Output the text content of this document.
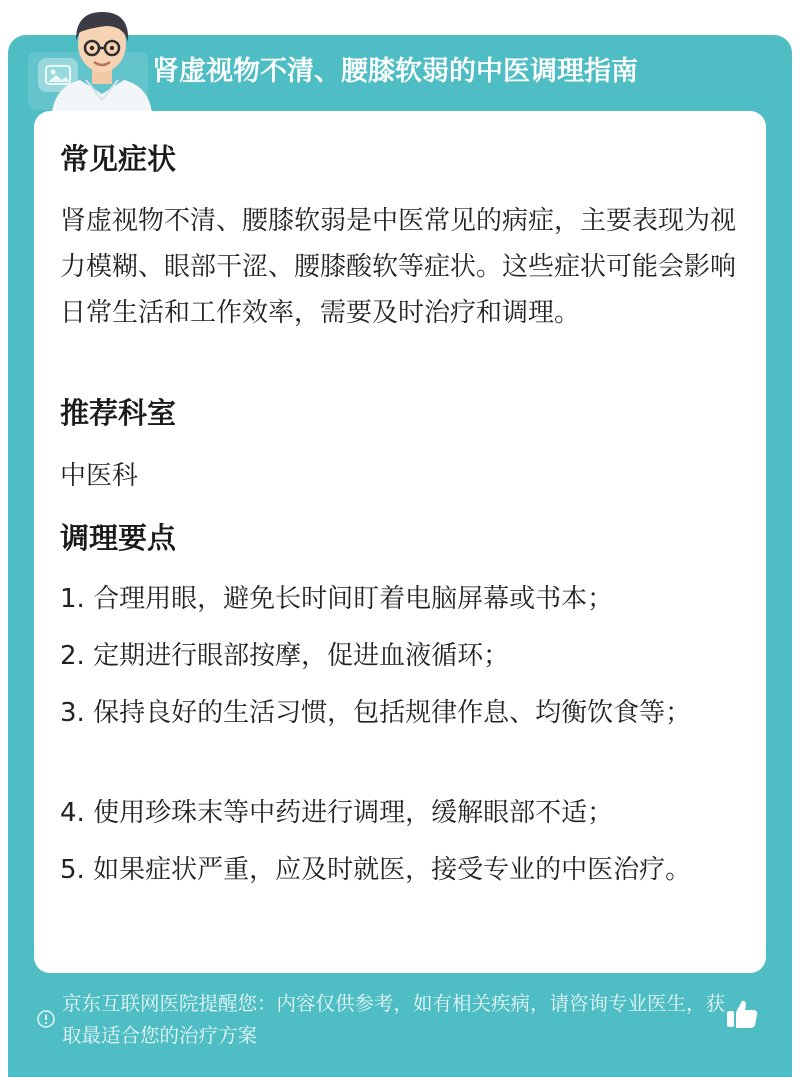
肾虚视物不清、腰膝软弱的中医调理指南
常见症状
肾虚视物不清、腰膝软弱是中医常见的病症，主要表现为视力模糊、眼部干涩、腰膝酸软等症状。这些症状可能会影响日常生活和工作效率，需要及时治疗和调理。
推荐科室
中医科
调理要点
1. 合理用眼，避免长时间盯着电脑屏幕或书本；
2. 定期进行眼部按摩，促进血液循环；
3. 保持良好的生活习惯，包括规律作息、均衡饮食等；
4. 使用珍珠末等中药进行调理，缓解眼部不适；
5. 如果症状严重，应及时就医，接受专业的中医治疗。
京东互联网医院提醒您：内容仅供参考，如有相关疾病，请咨询专业医生，获取最适合您的治疗方案
